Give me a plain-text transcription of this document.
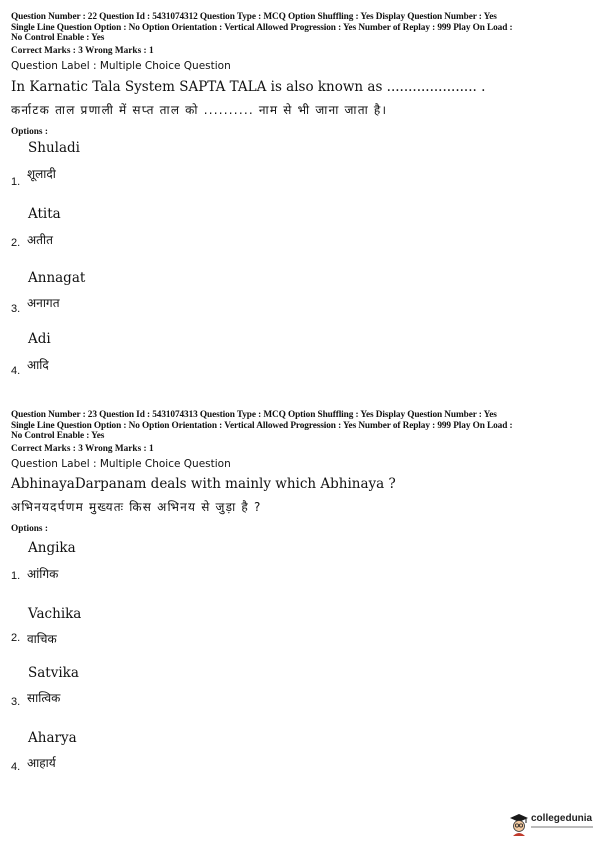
Question Number : 22 Question Id : 5431074312 Question Type : MCQ Option Shuffling : Yes Display Question Number : Yes
Single Line Question Option : No Option Orientation : Vertical Allowed Progression : Yes Number of Replay : 999 Play On Load :
No Control Enable : Yes
Correct Marks : 3 Wrong Marks : 1
Question Label : Multiple Choice Question
In Karnatic Tala System SAPTA TALA is also known as ..................... .
कर्नाटक ताल प्रणाली में सप्त ताल को .......... नाम से भी जाना जाता है।
Options :
Shuladi
शूलादी
1.
Atita
अतीत
2.
Annagat
अनागत
3.
Adi
आदि
4.
Question Number : 23 Question Id : 5431074313 Question Type : MCQ Option Shuffling : Yes Display Question Number : Yes
Single Line Question Option : No Option Orientation : Vertical Allowed Progression : Yes Number of Replay : 999 Play On Load :
No Control Enable : Yes
Correct Marks : 3 Wrong Marks : 1
Question Label : Multiple Choice Question
AbhinayaDarpanam deals with mainly which Abhinaya ?
अभिनयदर्पणम मुख्यतः किस अभिनय से जुड़ा है ?
Options :
Angika
आंगिक
1.
Vachika
वाचिक
2.
Satvika
सात्विक
3.
Aharya
आहार्य
4.
collegedunia
